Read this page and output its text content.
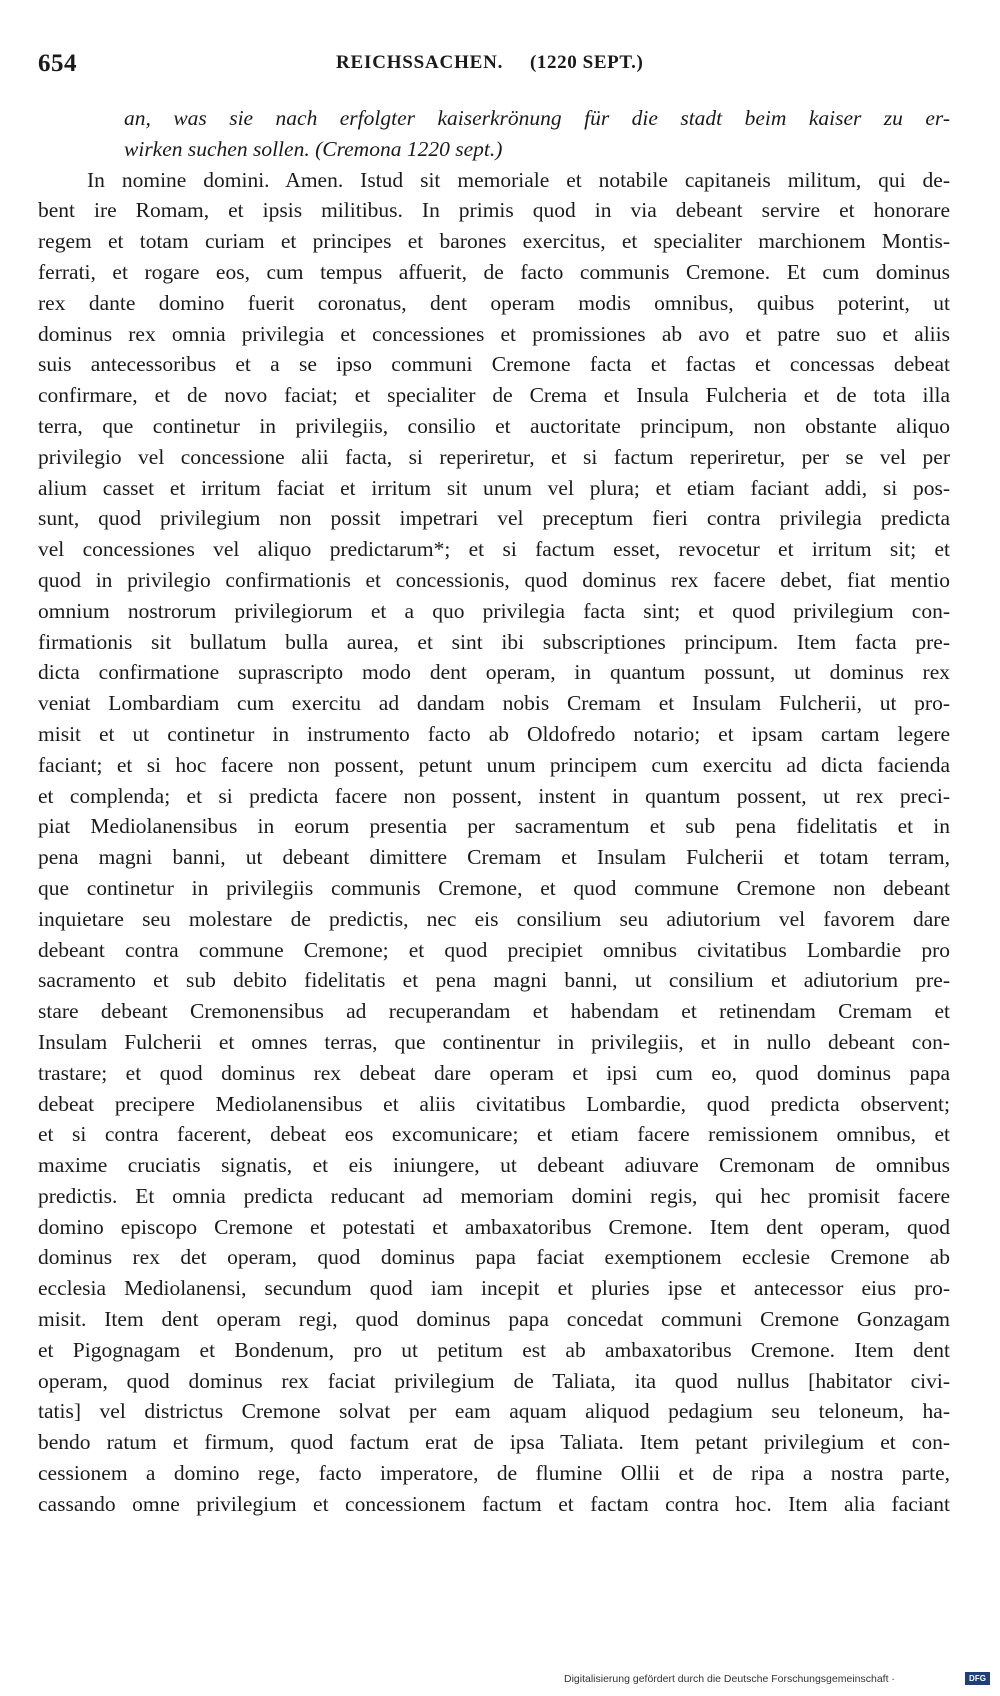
654	REICHSSACHEN. (1220 SEPT.)
an, was sie nach erfolgter kaiserkrönung für die stadt beim kaiser zu er-
wirken suchen sollen. (Cremona 1220 sept.)
In nomine domini. Amen. Istud sit memoriale et notabile capitaneis militum, qui de-
bent ire Romam, et ipsis militibus. In primis quod in via debeant servire et honorare
regem et totam curiam et principes et barones exercitus, et specialiter marchionem Montis-
ferrati, et rogare eos, cum tempus affuerit, de facto communis Cremone. Et cum dominus
rex dante domino fuerit coronatus, dent operam modis omnibus, quibus poterint, ut
dominus rex omnia privilegia et concessiones et promissiones ab avo et patre suo et aliis
suis antecessoribus et a se ipso communi Cremone facta et factas et concessas debeat
confirmare, et de novo faciat; et specialiter de Crema et Insula Fulcheria et de tota illa
terra, que continetur in privilegiis, consilio et auctoritate principum, non obstante aliquo
privilegio vel concessione alii facta, si reperiretur, et si factum reperiretur, per se vel per
alium casset et irritum faciat et irritum sit unum vel plura; et etiam faciant addi, si pos-
sunt, quod privilegium non possit impetrari vel preceptum fieri contra privilegia predicta
vel concessiones vel aliquo predictarum*; et si factum esset, revocetur et irritum sit; et
quod in privilegio confirmationis et concessionis, quod dominus rex facere debet, fiat mentio
omnium nostrorum privilegiorum et a quo privilegia facta sint; et quod privilegium con-
firmationis sit bullatum bulla aurea, et sint ibi subscriptiones principum. Item facta pre-
dicta confirmatione suprascripto modo dent operam, in quantum possunt, ut dominus rex
veniat Lombardiam cum exercitu ad dandam nobis Cremam et Insulam Fulcherii, ut pro-
misit et ut continetur in instrumento facto ab Oldofredo notario; et ipsam cartam legere
faciant; et si hoc facere non possent, petunt unum principem cum exercitu ad dicta facienda
et complenda; et si predicta facere non possent, instent in quantum possent, ut rex preci-
piat Mediolanensibus in eorum presentia per sacramentum et sub pena fidelitatis et in
pena magni banni, ut debeant dimittere Cremam et Insulam Fulcherii et totam terram,
que continetur in privilegiis communis Cremone, et quod commune Cremone non debeant
inquietare seu molestare de predictis, nec eis consilium seu adiutorium vel favorem dare
debeant contra commune Cremone; et quod precipiet omnibus civitatibus Lombardie pro
sacramento et sub debito fidelitatis et pena magni banni, ut consilium et adiutorium pre-
stare debeant Cremonensibus ad recuperandam et habendam et retinendam Cremam et
Insulam Fulcherii et omnes terras, que continentur in privilegiis, et in nullo debeant con-
trastare; et quod dominus rex debeat dare operam et ipsi cum eo, quod dominus papa
debeat precipere Mediolanensibus et aliis civitatibus Lombardie, quod predicta observent;
et si contra facerent, debeat eos excomunicare; et etiam facere remissionem omnibus, et
maxime cruciatis signatis, et eis iniungere, ut debeant adiuvare Cremonam de omnibus
predictis. Et omnia predicta reducant ad memoriam domini regis, qui hec promisit facere
domino episcopo Cremone et potestati et ambaxatoribus Cremone. Item dent operam, quod
dominus rex det operam, quod dominus papa faciat exemptionem ecclesie Cremone ab
ecclesia Mediolanensi, secundum quod iam incepit et pluries ipse et antecessor eius pro-
misit. Item dent operam regi, quod dominus papa concedat communi Cremone Gonzagam
et Pigognagam et Bondenum, pro ut petitum est ab ambaxatoribus Cremone. Item dent
operam, quod dominus rex faciat privilegium de Taliata, ita quod nullus [habitator civi-
tatis] vel districtus Cremone solvat per eam aquam aliquod pedagium seu teloneum, ha-
bendo ratum et firmum, quod factum erat de ipsa Taliata. Item petant privilegium et con-
cessionem a domino rege, facto imperatore, de flumine Ollii et de ripa a nostra parte,
cassando omne privilegium et concessionem factum et factam contra hoc. Item alia faciant
Digitalisierung gefördert durch die Deutsche Forschungsgemeinschaft ·	DFG
